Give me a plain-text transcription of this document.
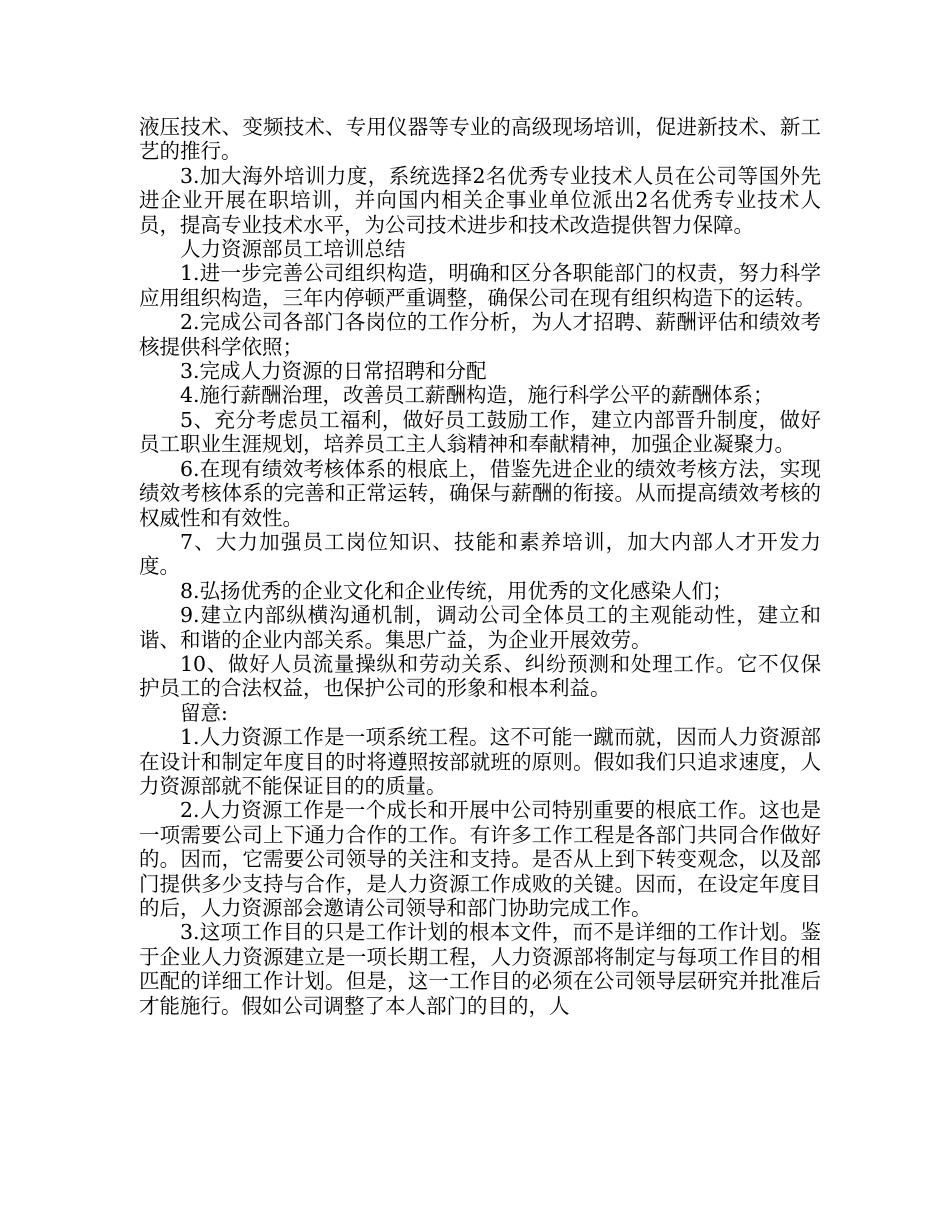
液压技术、变频技术、专用仪器等专业的高级现场培训，促进新技术、新工艺的推行。

3.加大海外培训力度，系统选择2名优秀专业技术人员在公司等国外先进企业开展在职培训，并向国内相关企事业单位派出2名优秀专业技术人员，提高专业技术水平，为公司技术进步和技术改造提供智力保障。

人力资源部员工培训总结

1.进一步完善公司组织构造，明确和区分各职能部门的权责，努力科学应用组织构造，三年内停顿严重调整，确保公司在现有组织构造下的运转。

2.完成公司各部门各岗位的工作分析，为人才招聘、薪酬评估和绩效考核提供科学依照；

3.完成人力资源的日常招聘和分配

4.施行薪酬治理，改善员工薪酬构造，施行科学公平的薪酬体系；

5、充分考虑员工福利，做好员工鼓励工作，建立内部晋升制度，做好员工职业生涯规划，培养员工主人翁精神和奉献精神，加强企业凝聚力。

6.在现有绩效考核体系的根底上，借鉴先进企业的绩效考核方法，实现绩效考核体系的完善和正常运转，确保与薪酬的衔接。从而提高绩效考核的权威性和有效性。

7、大力加强员工岗位知识、技能和素养培训，加大内部人才开发力度。

8.弘扬优秀的企业文化和企业传统，用优秀的文化感染人们；

9.建立内部纵横沟通机制，调动公司全体员工的主观能动性，建立和谐、和谐的企业内部关系。集思广益，为企业开展效劳。

10、做好人员流量操纵和劳动关系、纠纷预测和处理工作。它不仅保护员工的合法权益，也保护公司的形象和根本利益。

留意:

1.人力资源工作是一项系统工程。这不可能一蹴而就，因而人力资源部在设计和制定年度目的时将遵照按部就班的原则。假如我们只追求速度，人力资源部就不能保证目的的质量。

2.人力资源工作是一个成长和开展中公司特别重要的根底工作。这也是一项需要公司上下通力合作的工作。有许多工作工程是各部门共同合作做好的。因而，它需要公司领导的关注和支持。是否从上到下转变观念，以及部门提供多少支持与合作，是人力资源工作成败的关键。因而，在设定年度目的后，人力资源部会邀请公司领导和部门协助完成工作。

3.这项工作目的只是工作计划的根本文件，而不是详细的工作计划。鉴于企业人力资源建立是一项长期工程，人力资源部将制定与每项工作目的相匹配的详细工作计划。但是，这一工作目的必须在公司领导层研究并批准后才能施行。假如公司调整了本人部门的目的，人
